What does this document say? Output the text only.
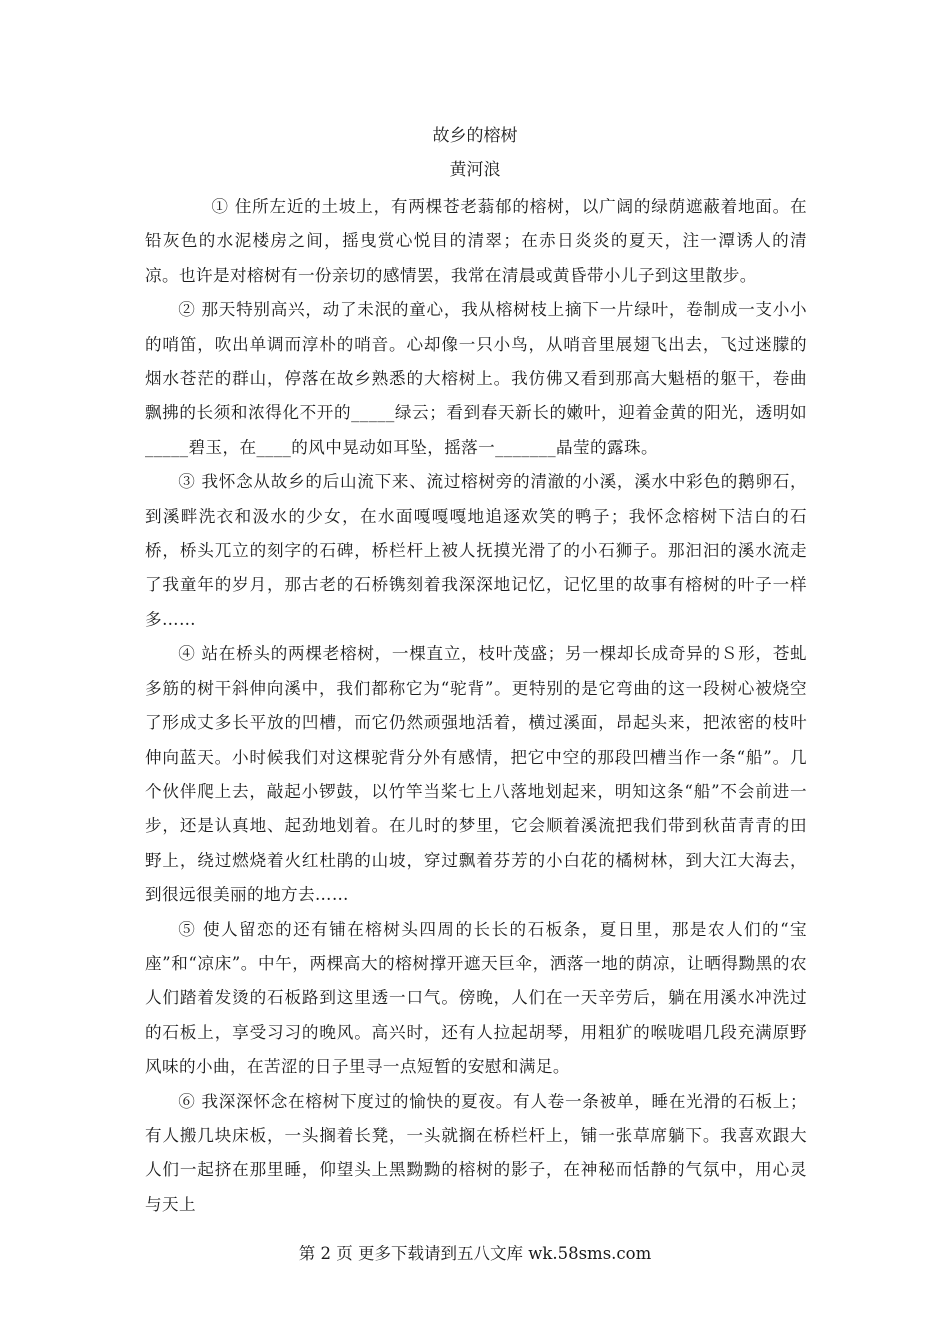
故乡的榕树
黄河浪

① 住所左近的土坡上，有两棵苍老蓊郁的榕树，以广阔的绿荫遮蔽着地面。在铅灰色的水泥楼房之间，摇曳赏心悦目的清翠；在赤日炎炎的夏天，注一潭诱人的清凉。也许是对榕树有一份亲切的感情罢，我常在清晨或黄昏带小儿子到这里散步。

② 那天特别高兴，动了未泯的童心，我从榕树枝上摘下一片绿叶，卷制成一支小小的哨笛，吹出单调而淳朴的哨音。心却像一只小鸟，从哨音里展翅飞出去，飞过迷朦的烟水苍茫的群山，停落在故乡熟悉的大榕树上。我仿佛又看到那高大魁梧的躯干，卷曲飘拂的长须和浓得化不开的_____绿云；看到春天新长的嫩叶，迎着金黄的阳光，透明如_____碧玉，在____的风中晃动如耳坠，摇落一_______晶莹的露珠。

③ 我怀念从故乡的后山流下来、流过榕树旁的清澈的小溪，溪水中彩色的鹅卵石，到溪畔洗衣和汲水的少女，在水面嘎嘎嘎地追逐欢笑的鸭子；我怀念榕树下洁白的石桥，桥头兀立的刻字的石碑，桥栏杆上被人抚摸光滑了的小石狮子。那汩汩的溪水流走了我童年的岁月，那古老的石桥镌刻着我深深地记忆，记忆里的故事有榕树的叶子一样多……

④ 站在桥头的两棵老榕树，一棵直立，枝叶茂盛；另一棵却长成奇异的Ｓ形，苍虬多筋的树干斜伸向溪中，我们都称它为“驼背”。更特别的是它弯曲的这一段树心被烧空了形成丈多长平放的凹槽，而它仍然顽强地活着，横过溪面，昂起头来，把浓密的枝叶伸向蓝天。小时候我们对这棵驼背分外有感情，把它中空的那段凹槽当作一条“船”。几个伙伴爬上去，敲起小锣鼓，以竹竿当桨七上八落地划起来，明知这条“船”不会前进一步，还是认真地、起劲地划着。在儿时的梦里，它会顺着溪流把我们带到秋苗青青的田野上，绕过燃烧着火红杜鹃的山坡，穿过飘着芬芳的小白花的橘树林，到大江大海去，到很远很美丽的地方去……

⑤ 使人留恋的还有铺在榕树头四周的长长的石板条，夏日里，那是农人们的“宝座”和“凉床”。中午，两棵高大的榕树撑开遮天巨伞，洒落一地的荫凉，让晒得黝黑的农人们踏着发烫的石板路到这里透一口气。傍晚，人们在一天辛劳后，躺在用溪水冲洗过的石板上，享受习习的晚风。高兴时，还有人拉起胡琴，用粗犷的喉咙唱几段充满原野风味的小曲，在苦涩的日子里寻一点短暂的安慰和满足。

⑥ 我深深怀念在榕树下度过的愉快的夏夜。有人卷一条被单，睡在光滑的石板上；有人搬几块床板，一头搁着长凳，一头就搁在桥栏杆上，铺一张草席躺下。我喜欢跟大人们一起挤在那里睡，仰望头上黑黝黝的榕树的影子，在神秘而恬静的气氛中，用心灵与天上

第 2 页 更多下载请到五八文库 wk.58sms.com
